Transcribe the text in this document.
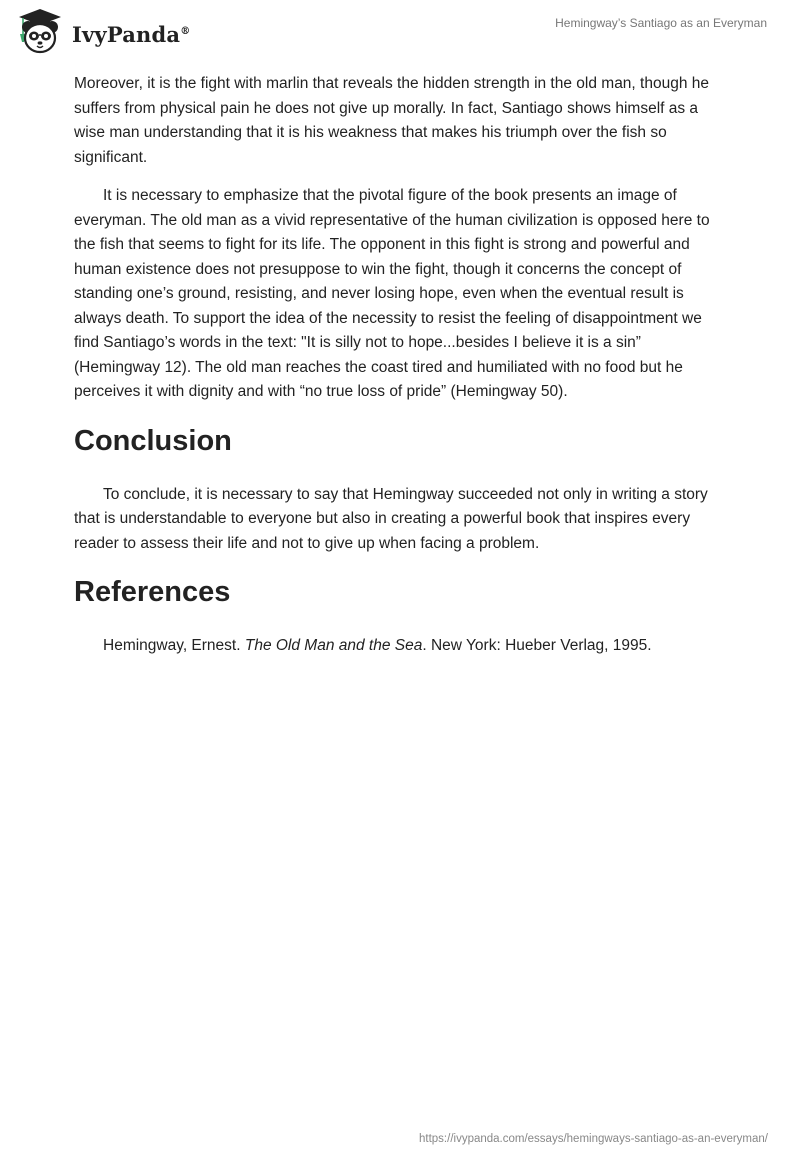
IvyPanda®
Hemingway’s Santiago as an Everyman

Moreover, it is the fight with marlin that reveals the hidden strength in the old man, though he suffers from physical pain he does not give up morally. In fact, Santiago shows himself as a wise man understanding that it is his weakness that makes his triumph over the fish so significant.

It is necessary to emphasize that the pivotal figure of the book presents an image of everyman. The old man as a vivid representative of the human civilization is opposed here to the fish that seems to fight for its life. The opponent in this fight is strong and powerful and human existence does not presuppose to win the fight, though it concerns the concept of standing one’s ground, resisting, and never losing hope, even when the eventual result is always death. To support the idea of the necessity to resist the feeling of disappointment we find Santiago’s words in the text: "It is silly not to hope...besides I believe it is a sin” (Hemingway 12). The old man reaches the coast tired and humiliated with no food but he perceives it with dignity and with “no true loss of pride” (Hemingway 50).

Conclusion

To conclude, it is necessary to say that Hemingway succeeded not only in writing a story that is understandable to everyone but also in creating a powerful book that inspires every reader to assess their life and not to give up when facing a problem.

References

Hemingway, Ernest. The Old Man and the Sea. New York: Hueber Verlag, 1995.

https://ivypanda.com/essays/hemingways-santiago-as-an-everyman/
